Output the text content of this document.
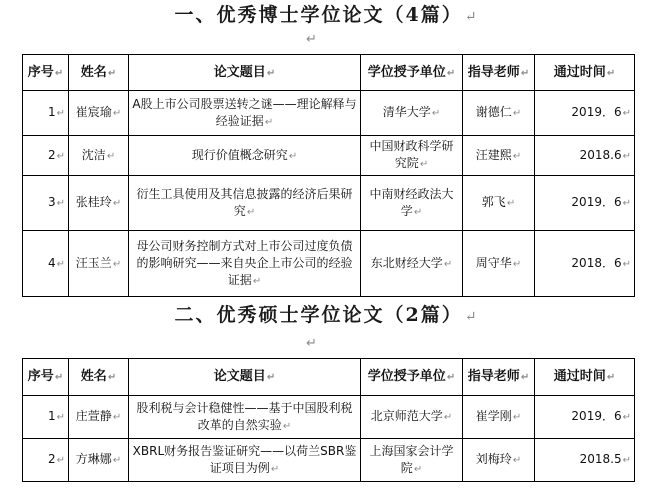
一、优秀博士学位论文（4篇） ↵
↵
序号↵	姓名↵	论文题目↵	学位授予单位↵	指导老师↵	通过时间↵
1↵	崔宸瑜↵	A股上市公司股票送转之谜——理论解释与经验证据↵	清华大学↵	谢德仁↵	2019．6↵
2↵	沈洁↵	现行价值概念研究↵	中国财政科学研究院↵	汪建熙↵	2018.6↵
3↵	张桂玲↵	衍生工具使用及其信息披露的经济后果研究↵	中南财经政法大学↵	郭飞↵	2019．6↵
4↵	汪玉兰↵	母公司财务控制方式对上市公司过度负债的影响研究——来自央企上市公司的经验证据↵	东北财经大学↵	周守华↵	2018．6↵
二、优秀硕士学位论文（2篇） ↵
↵
序号↵	姓名↵	论文题目↵	学位授予单位↵	指导老师↵	通过时间↵
1↵	庄萱静↵	股利税与会计稳健性——基于中国股利税改革的自然实验↵	北京师范大学↵	崔学刚↵	2019．6↵
2↵	方琳娜↵	XBRL财务报告鉴证研究——以荷兰SBR鉴证项目为例↵	上海国家会计学院↵	刘梅玲↵	2018.5↵
